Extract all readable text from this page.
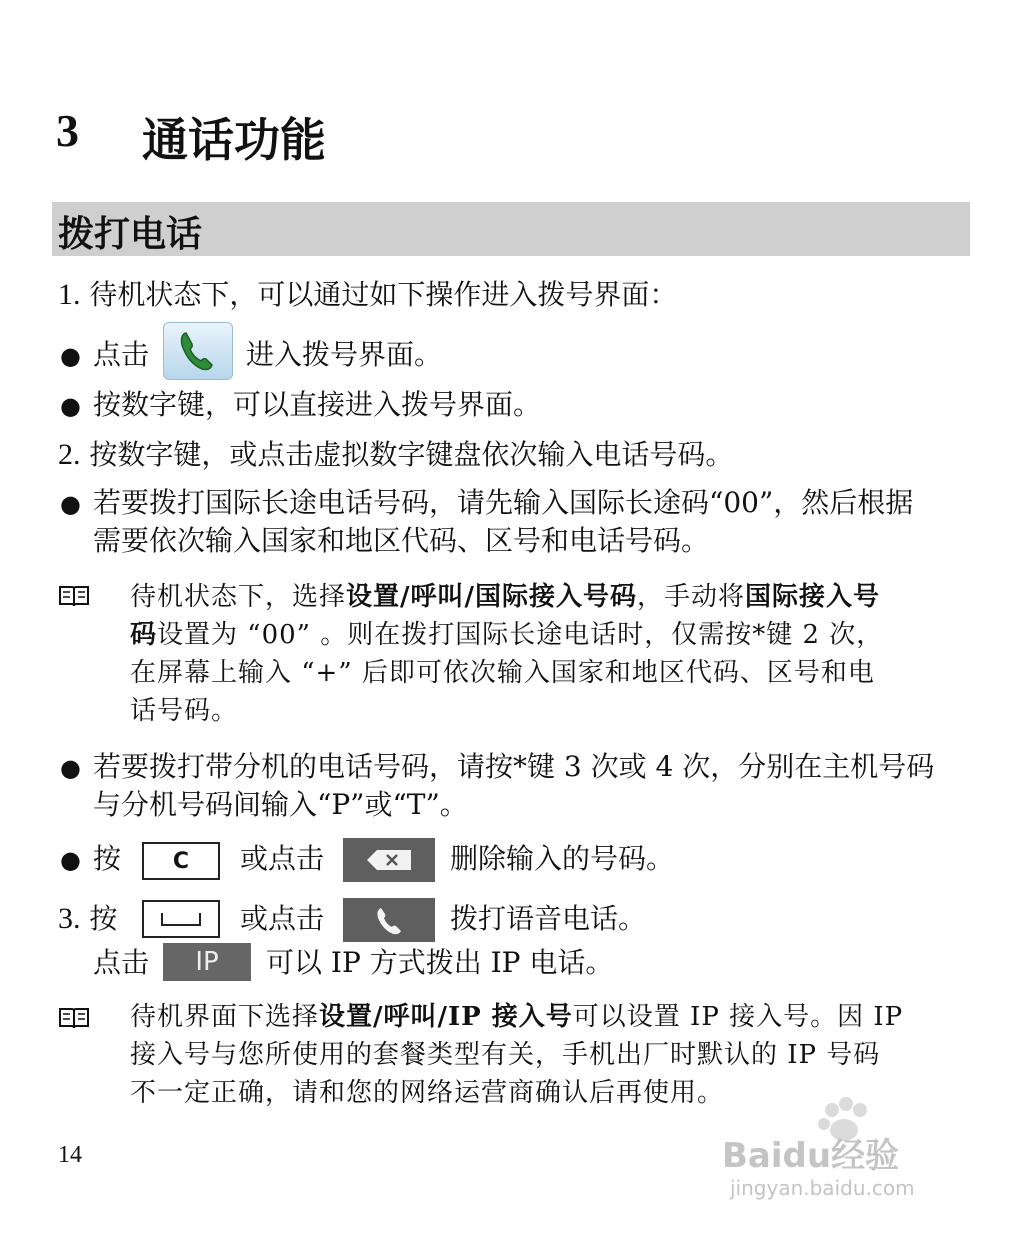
3 通话功能
拨打电话
1. 待机状态下，可以通过如下操作进入拨号界面：
● 点击	进入拨号界面。
● 按数字键，可以直接进入拨号界面。
2. 按数字键，或点击虚拟数字键盘依次输入电话号码。
● 若要拨打国际长途电话号码，请先输入国际长途码“00”，然后根据
需要依次输入国家和地区代码、区号和电话号码。
待机状态下，选择设置/呼叫/国际接入号码，手动将国际接入号
码设置为 “00” 。则在拨打国际长途电话时，仅需按*键 2 次，
在屏幕上输入 “+” 后即可依次输入国家和地区代码、区号和电
话号码。
● 若要拨打带分机的电话号码，请按*键 3 次或 4 次，分别在主机号码
与分机号码间输入“P”或“T”。
● 按	C	或点击	删除输入的号码。
3. 按	或点击	拨打语音电话。
点击	IP	可以 IP 方式拨出 IP 电话。
待机界面下选择设置/呼叫/IP 接入号可以设置 IP 接入号。因 IP
接入号与您所使用的套餐类型有关，手机出厂时默认的 IP 号码
不一定正确，请和您的网络运营商确认后再使用。
14	Baidu经验
jingyan.baidu.com
